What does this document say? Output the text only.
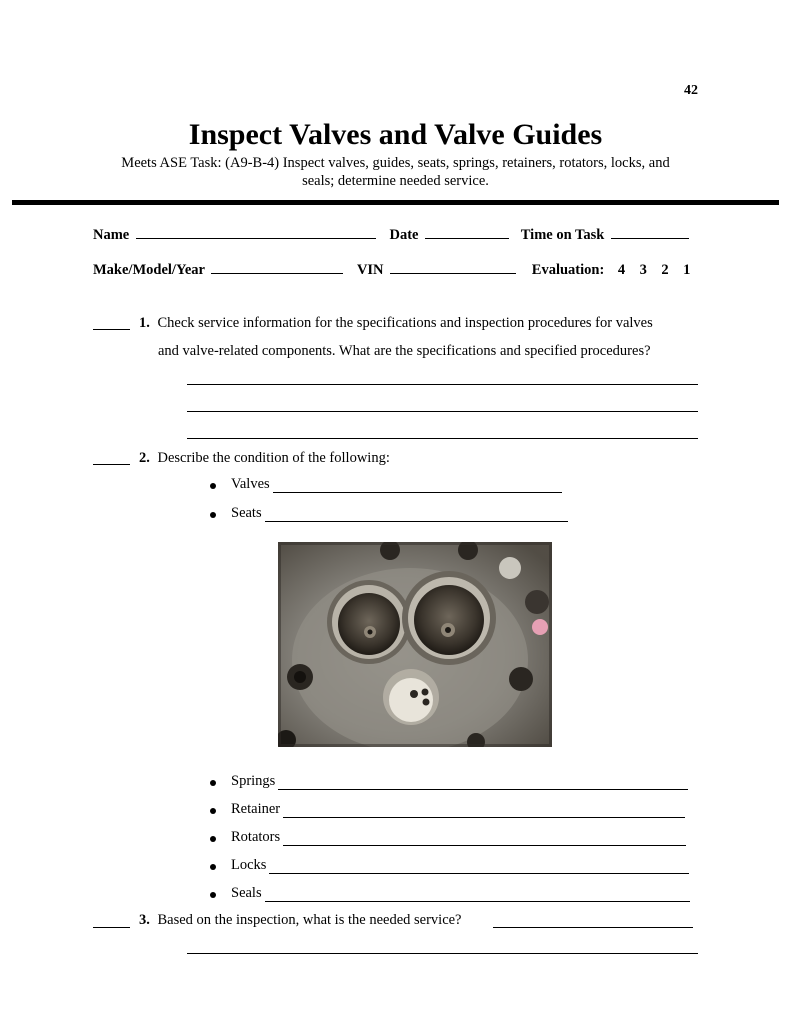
42
Inspect Valves and Valve Guides
Meets ASE Task: (A9-B-4) Inspect valves, guides, seats, springs, retainers, rotators, locks, and
seals; determine needed service.
Name	Date	Time on Task
Make/Model/Year	VIN	Evaluation: 4    3    2    1
1. Check service information for the specifications and inspection procedures for valves
and valve-related components. What are the specifications and specified procedures?
2. Describe the condition of the following:
Valves
Seats
Springs
Retainer
Rotators
Locks
Seals
3. Based on the inspection, what is the needed service?
